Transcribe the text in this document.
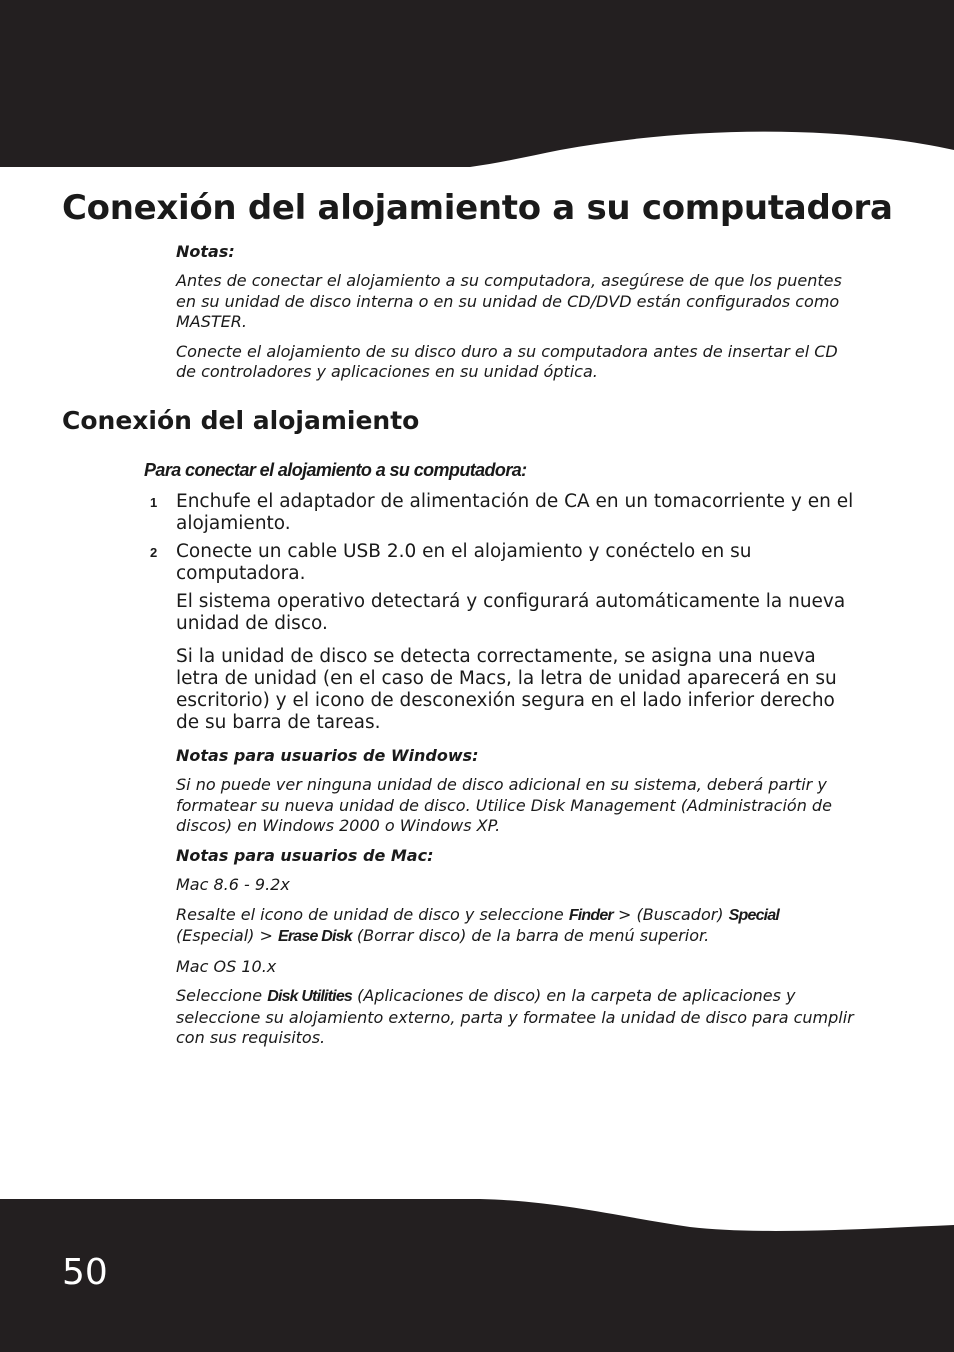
Conexión del alojamiento a su computadora

Notas:

Antes de conectar el alojamiento a su computadora, asegúrese de que los puentes en su unidad de disco interna o en su unidad de CD/DVD están configurados como MASTER.

Conecte el alojamiento de su disco duro a su computadora antes de insertar el CD de controladores y aplicaciones en su unidad óptica.

Conexión del alojamiento

Para conectar el alojamiento a su computadora:

1 Enchufe el adaptador de alimentación de CA en un tomacorriente y en el alojamiento.

2 Conecte un cable USB 2.0 en el alojamiento y conéctelo en su computadora.

El sistema operativo detectará y configurará automáticamente la nueva unidad de disco.

Si la unidad de disco se detecta correctamente, se asigna una nueva letra de unidad (en el caso de Macs, la letra de unidad aparecerá en su escritorio) y el icono de desconexión segura en el lado inferior derecho de su barra de tareas.

Notas para usuarios de Windows:

Si no puede ver ninguna unidad de disco adicional en su sistema, deberá partir y formatear su nueva unidad de disco. Utilice Disk Management (Administración de discos) en Windows 2000 o Windows XP.

Notas para usuarios de Mac:

Mac 8.6 - 9.2x

Resalte el icono de unidad de disco y seleccione Finder > (Buscador) Special (Especial) > Erase Disk (Borrar disco) de la barra de menú superior.

Mac OS 10.x

Seleccione Disk Utilities (Aplicaciones de disco) en la carpeta de aplicaciones y seleccione su alojamiento externo, parta y formatee la unidad de disco para cumplir con sus requisitos.

50
